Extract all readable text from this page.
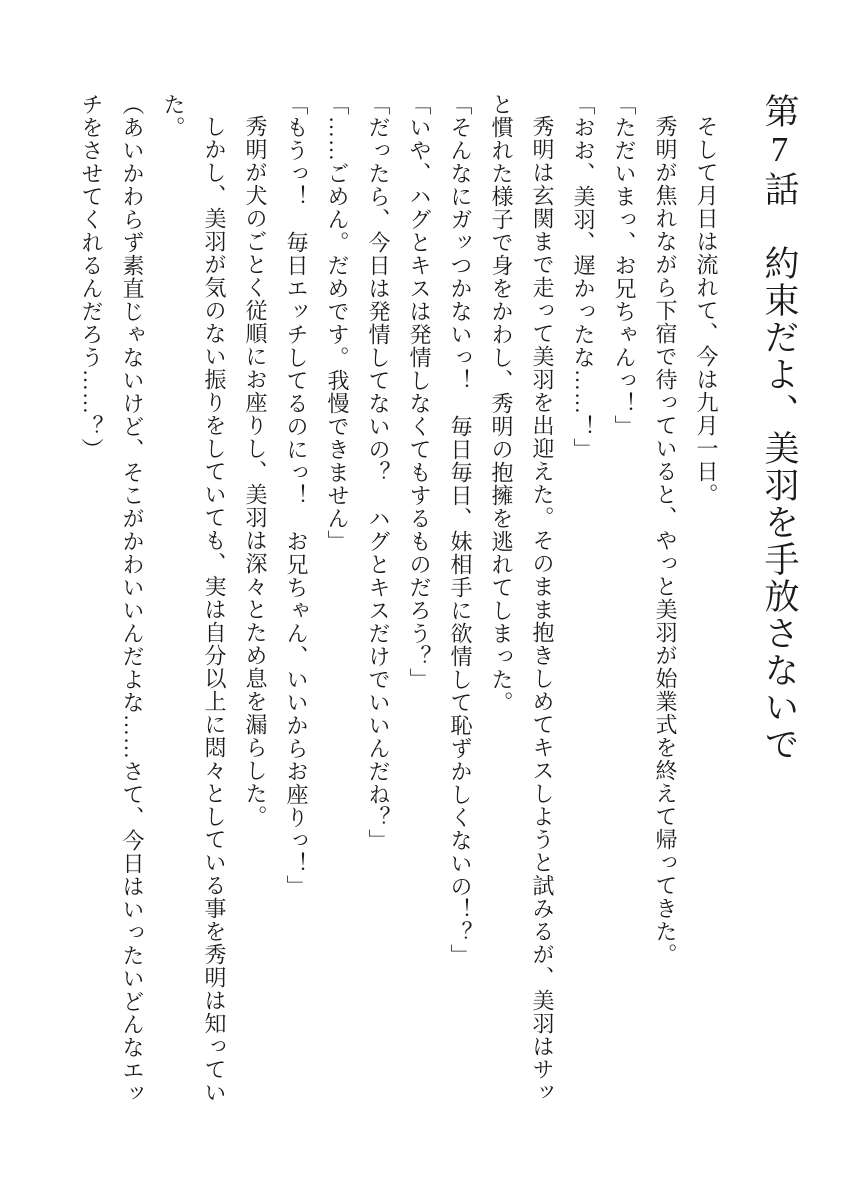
第7話　約束だよ、美羽を手放さないで

そして月日は流れて、今は九月一日。

秀明が焦れながら下宿で待っていると、やっと美羽が始業式を終えて帰ってきた。

「ただいまっ、お兄ちゃんっ！」

「おお、美羽、遅かったな……！」

秀明は玄関まで走って美羽を出迎えた。そのまま抱きしめてキスしようと試みるが、美羽はサッと慣れた様子で身をかわし、秀明の抱擁を逃れてしまった。

「そんなにガッつかないっ！　毎日毎日、妹相手に欲情して恥ずかしくないの！？」

「いや、ハグとキスは発情しなくてもするものだろう？」

「だったら、今日は発情してないの？　ハグとキスだけでいいんだね？」

「……ごめん。だめです。我慢できません」

「もうっ！　毎日エッチしてるのにっ！　お兄ちゃん、いいからお座りっ！」

秀明が犬のごとく従順にお座りし、美羽は深々とため息を漏らした。

しかし、美羽が気のない振りをしていても、実は自分以上に悶々としている事を秀明は知っていた。

（あいかわらず素直じゃないけど、そこがかわいいんだよな……さて、今日はいったいどんなエッチをさせてくれるんだろう……？）
